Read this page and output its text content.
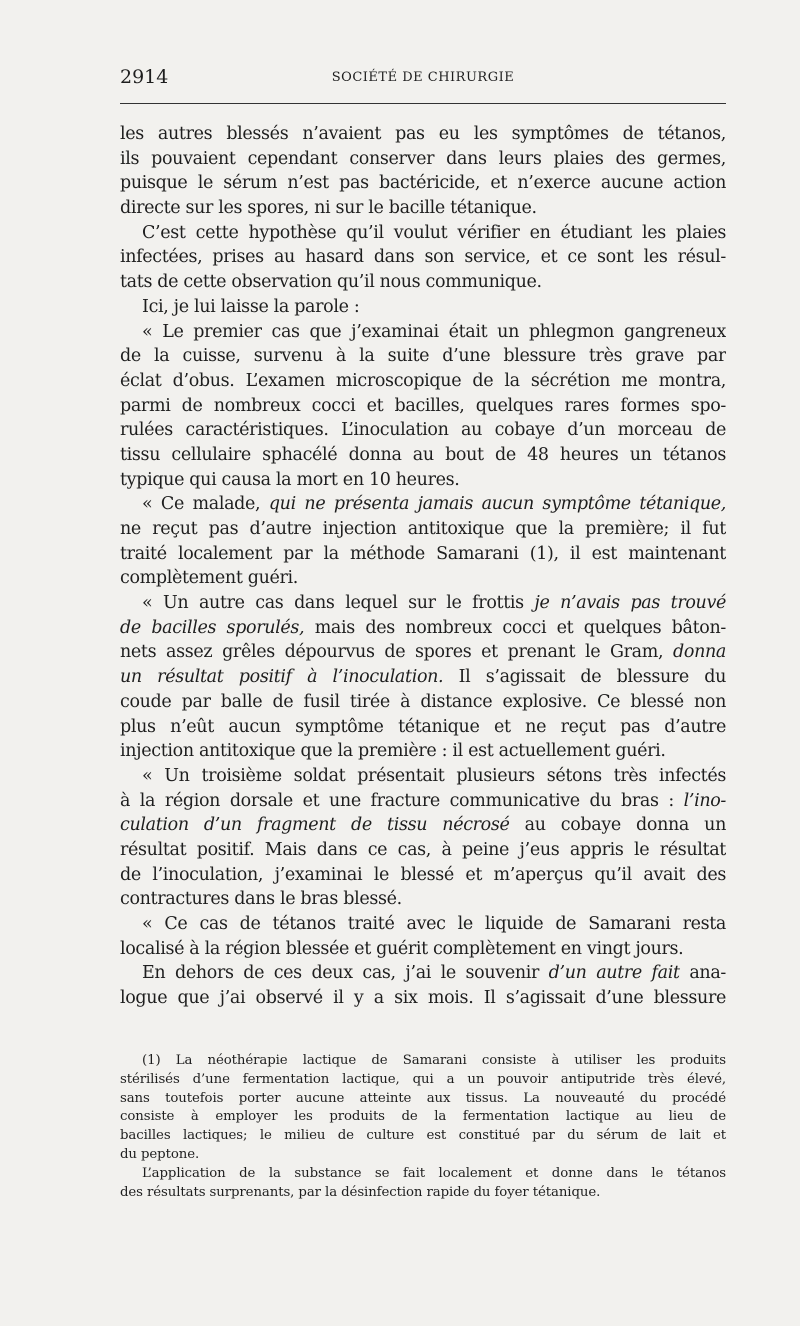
2914	SOCIÉTÉ DE CHIRURGIE
les autres blessés n’avaient pas eu les symptômes de tétanos,
ils pouvaient cependant conserver dans leurs plaies des germes,
puisque le sérum n’est pas bactéricide, et n’exerce aucune action
directe sur les spores, ni sur le bacille tétanique.
C’est cette hypothèse qu’il voulut vérifier en étudiant les plaies
infectées, prises au hasard dans son service, et ce sont les résul-
tats de cette observation qu’il nous communique.
Ici, je lui laisse la parole :
« Le premier cas que j’examinai était un phlegmon gangreneux
de la cuisse, survenu à la suite d’une blessure très grave par
éclat d’obus. L’examen microscopique de la sécrétion me montra,
parmi de nombreux cocci et bacilles, quelques rares formes spo-
rulées caractéristiques. L’inoculation au cobaye d’un morceau de
tissu cellulaire sphacélé donna au bout de 48 heures un tétanos
typique qui causa la mort en 10 heures.
« Ce malade, qui ne présenta jamais aucun symptôme tétanique,
ne reçut pas d’autre injection antitoxique que la première; il fut
traité localement par la méthode Samarani (1), il est maintenant
complètement guéri.
« Un autre cas dans lequel sur le frottis je n’avais pas trouvé
de bacilles sporulés, mais des nombreux cocci et quelques bâton-
nets assez grêles dépourvus de spores et prenant le Gram, donna
un résultat positif à l’inoculation. Il s’agissait de blessure du
coude par balle de fusil tirée à distance explosive. Ce blessé non
plus n’eût aucun symptôme tétanique et ne reçut pas d’autre
injection antitoxique que la première : il est actuellement guéri.
« Un troisième soldat présentait plusieurs sétons très infectés
à la région dorsale et une fracture communicative du bras : l’ino-
culation d’un fragment de tissu nécrosé au cobaye donna un
résultat positif. Mais dans ce cas, à peine j’eus appris le résultat
de l’inoculation, j’examinai le blessé et m’aperçus qu’il avait des
contractures dans le bras blessé.
« Ce cas de tétanos traité avec le liquide de Samarani resta
localisé à la région blessée et guérit complètement en vingt jours.
En dehors de ces deux cas, j’ai le souvenir d’un autre fait ana-
logue que j’ai observé il y a six mois. Il s’agissait d’une blessure
(1) La néothérapie lactique de Samarani consiste à utiliser les produits
stérilisés d’une fermentation lactique, qui a un pouvoir antiputride très élevé,
sans toutefois porter aucune atteinte aux tissus. La nouveauté du procédé
consiste à employer les produits de la fermentation lactique au lieu de
bacilles lactiques; le milieu de culture est constitué par du sérum de lait et
du peptone.
L’application de la substance se fait localement et donne dans le tétanos
des résultats surprenants, par la désinfection rapide du foyer tétanique.
